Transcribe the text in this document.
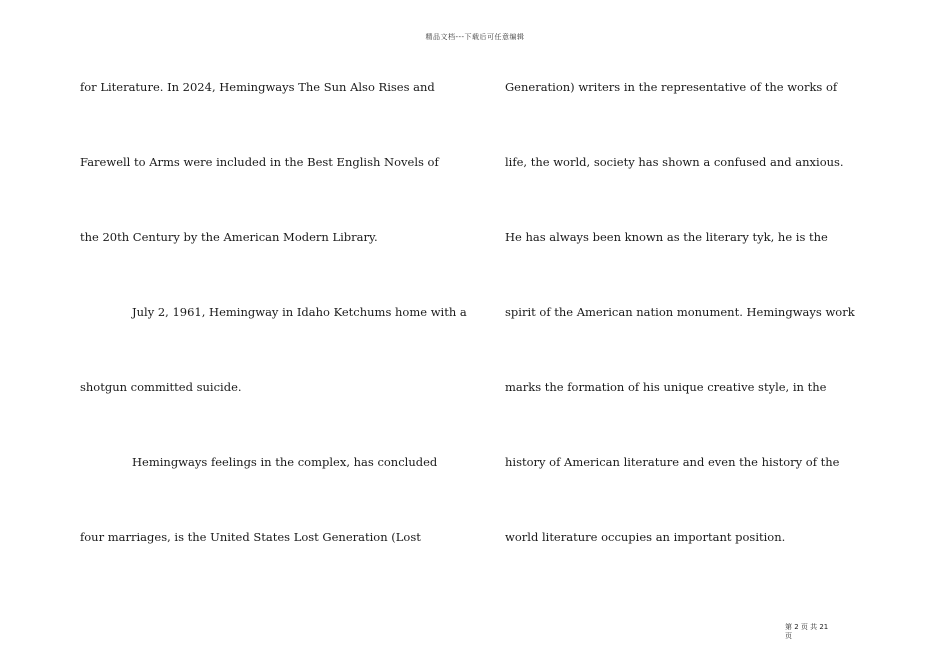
精品文档---下载后可任意编辑
for Literature. In 2024, Hemingways The Sun Also Rises and
Farewell to Arms were included in the Best English Novels of
the 20th Century by the American Modern Library.
July 2, 1961, Hemingway in Idaho Ketchums home with a
shotgun committed suicide.
Hemingways feelings in the complex, has concluded
four marriages, is the United States Lost Generation (Lost
Generation) writers in the representative of the works of
life, the world, society has shown a confused and anxious.
He has always been known as the literary tyk, he is the
spirit of the American nation monument. Hemingways work
marks the formation of his unique creative style, in the
history of American literature and even the history of the
world literature occupies an important position.
第 2 页 共 21
页
